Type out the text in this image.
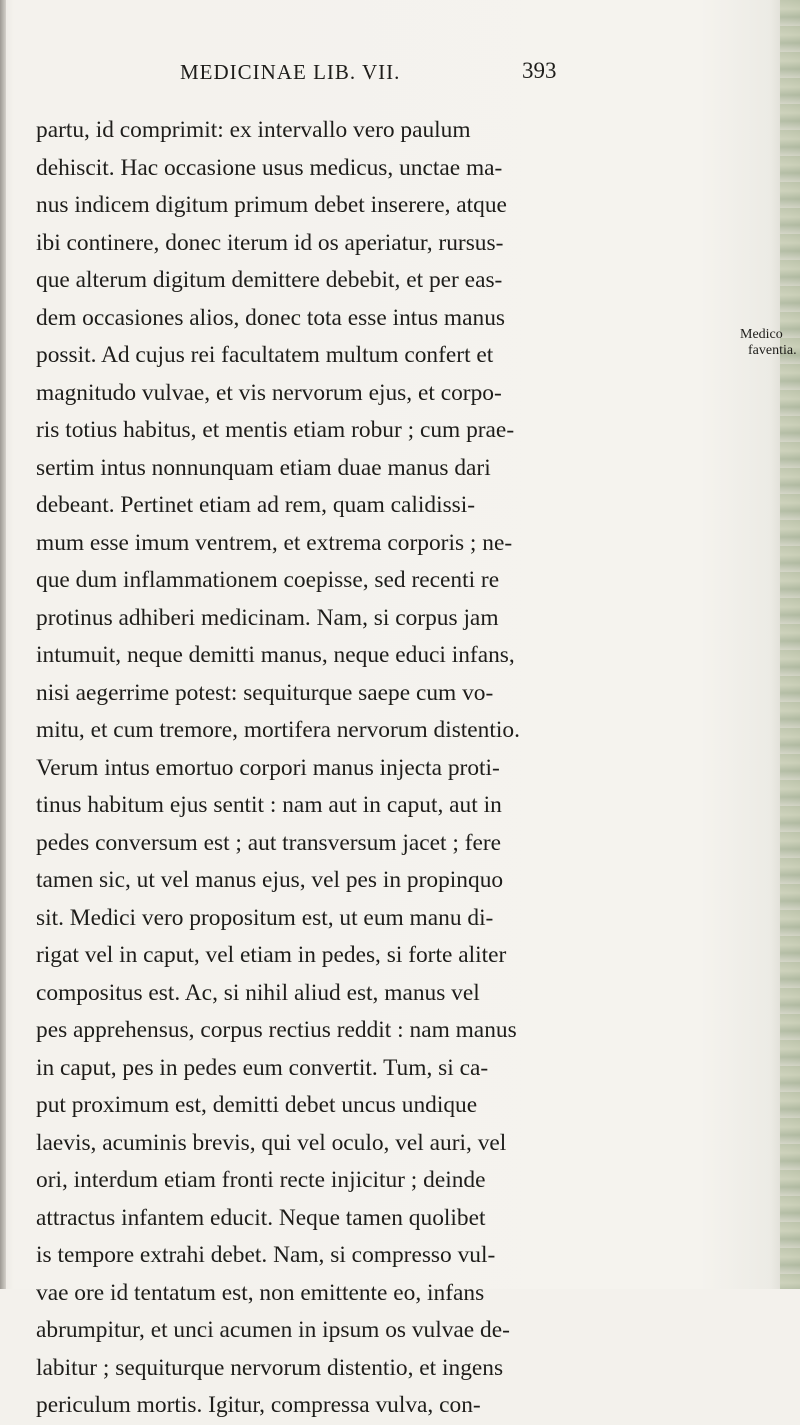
MEDICINAE LIB. VII.	393
partu, id comprimit: ex intervallo vero paulum
dehiscit. Hac occasione usus medicus, unctae ma-
nus indicem digitum primum debet inserere, atque
ibi continere, donec iterum id os aperiatur, rursus-
que alterum digitum demittere debebit, et per eas-
dem occasiones alios, donec tota esse intus manus
possit. Ad cujus rei facultatem multum confert et
magnitudo vulvae, et vis nervorum ejus, et corpo-
ris totius habitus, et mentis etiam robur ; cum prae-
sertim intus nonnunquam etiam duae manus dari
debeant. Pertinet etiam ad rem, quam calidissi-
mum esse imum ventrem, et extrema corporis ; ne-
que dum inflammationem coepisse, sed recenti re
protinus adhiberi medicinam. Nam, si corpus jam
intumuit, neque demitti manus, neque educi infans,
nisi aegerrime potest: sequiturque saepe cum vo-
mitu, et cum tremore, mortifera nervorum distentio.
Verum intus emortuo corpori manus injecta proti-
tinus habitum ejus sentit : nam aut in caput, aut in
pedes conversum est ; aut transversum jacet ; fere
tamen sic, ut vel manus ejus, vel pes in propinquo
sit. Medici vero propositum est, ut eum manu di-
rigat vel in caput, vel etiam in pedes, si forte aliter
compositus est. Ac, si nihil aliud est, manus vel
pes apprehensus, corpus rectius reddit : nam manus
in caput, pes in pedes eum convertit. Tum, si ca-
put proximum est, demitti debet uncus undique
laevis, acuminis brevis, qui vel oculo, vel auri, vel
ori, interdum etiam fronti recte injicitur ; deinde
attractus infantem educit. Neque tamen quolibet
is tempore extrahi debet. Nam, si compresso vul-
vae ore id tentatum est, non emittente eo, infans
abrumpitur, et unci acumen in ipsum os vulvae de-
labitur ; sequiturque nervorum distentio, et ingens
periculum mortis. Igitur, compressa vulva, con-
Medico
faventia.
